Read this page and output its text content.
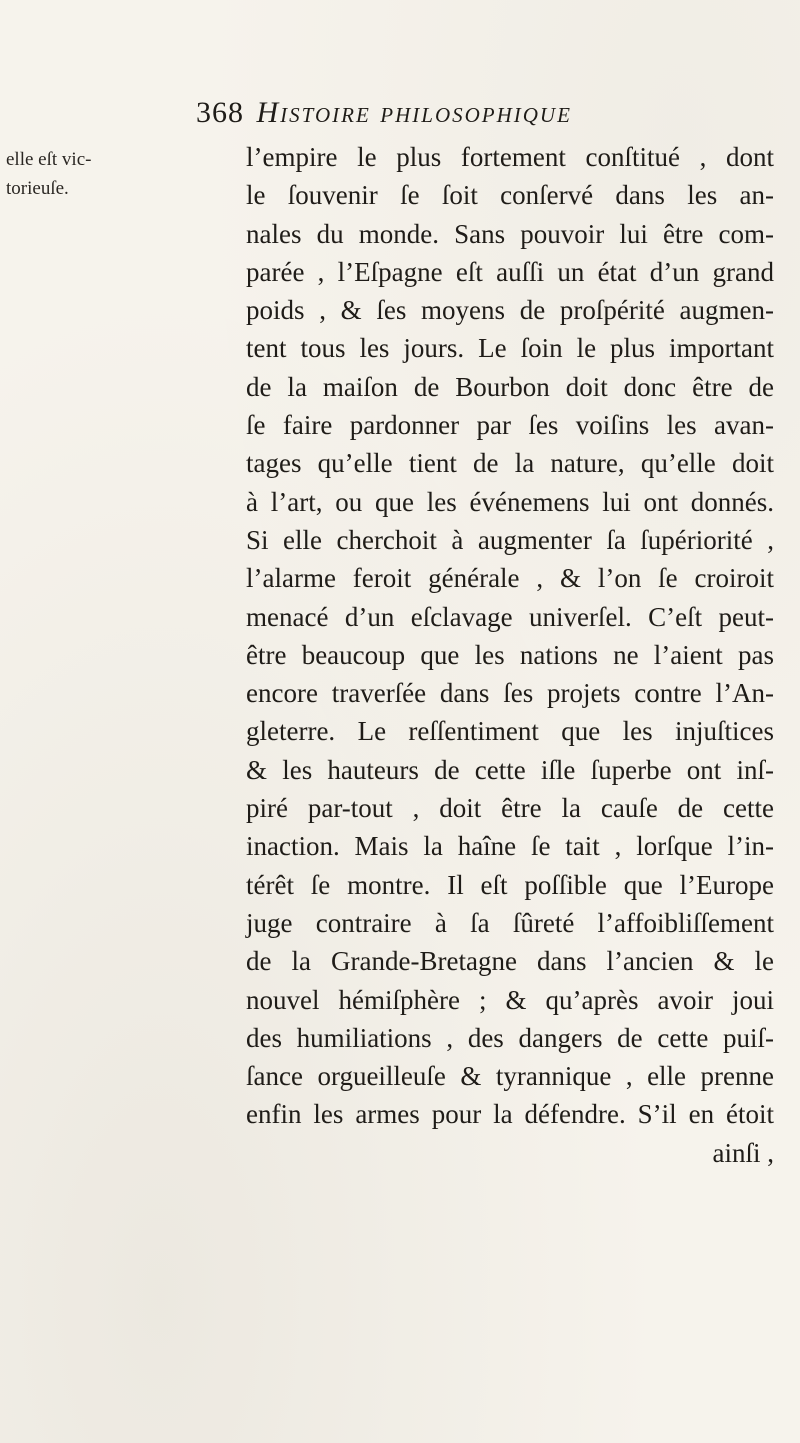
368 Histoire philosophique
elle eſt vic-
torieuſe.
l’empire le plus fortement conſtitué , dont
le ſouvenir ſe ſoit conſervé dans les an-
nales du monde. Sans pouvoir lui être com-
parée , l’Eſpagne eſt auſſi un état d’un grand
poids , & ſes moyens de proſpérité augmen-
tent tous les jours. Le ſoin le plus important
de la maiſon de Bourbon doit donc être de
ſe faire pardonner par ſes voiſins les avan-
tages qu’elle tient de la nature, qu’elle doit
à l’art, ou que les événemens lui ont donnés.
Si elle cherchoit à augmenter ſa ſupériorité ,
l’alarme feroit générale , & l’on ſe croiroit
menacé d’un eſclavage univerſel. C’eſt peut-
être beaucoup que les nations ne l’aient pas
encore traverſée dans ſes projets contre l’An-
gleterre. Le reſſentiment que les injuſtices
& les hauteurs de cette iſle ſuperbe ont inſ-
piré par-tout , doit être la cauſe de cette
inaction. Mais la haîne ſe tait , lorſque l’in-
térêt ſe montre. Il eſt poſſible que l’Europe
juge contraire à ſa ſûreté l’affoibliſſement
de la Grande-Bretagne dans l’ancien & le
nouvel hémiſphère ; & qu’après avoir joui
des humiliations , des dangers de cette puiſ-
ſance orgueilleuſe & tyrannique , elle prenne
enfin les armes pour la défendre. S’il en étoit
ainſi ,
